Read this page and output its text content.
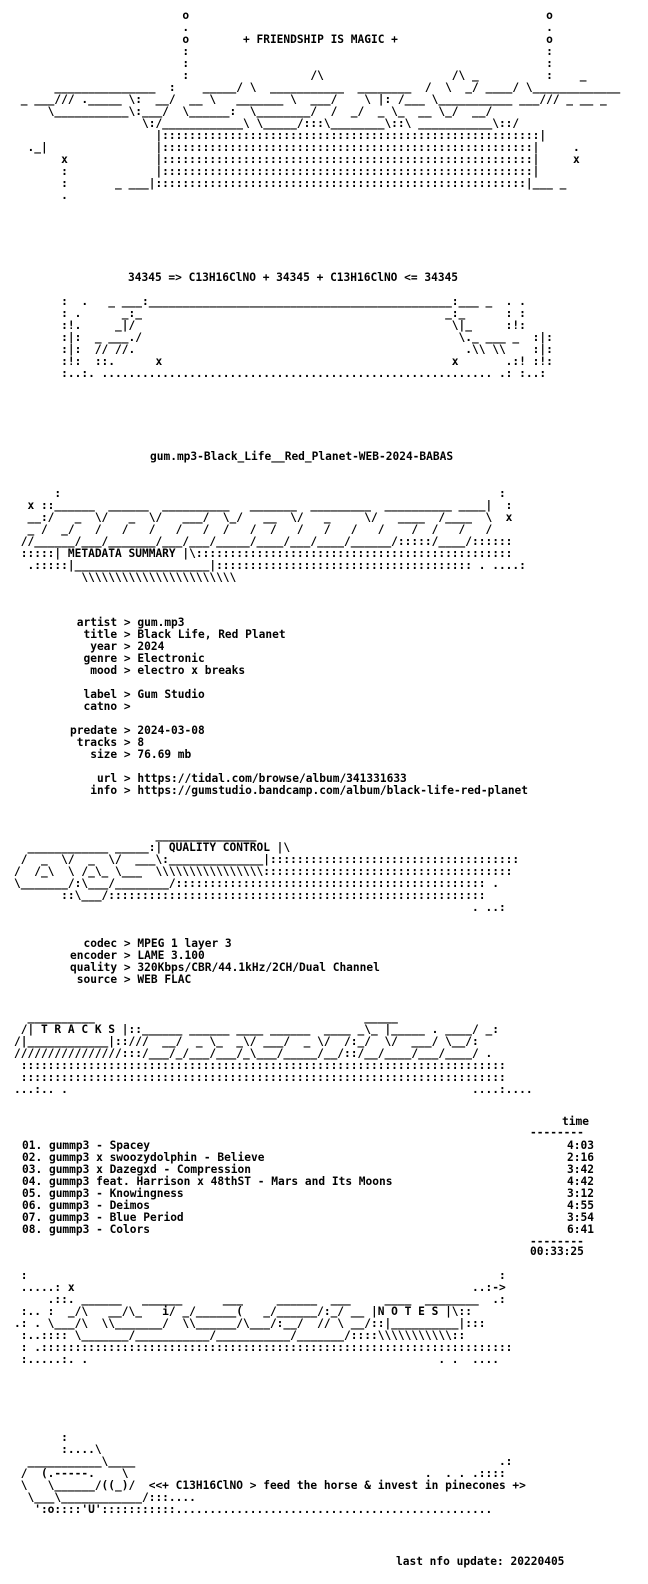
o                                                     o
.                                                     .
o        + FRIENDSHIP IS MAGIC +                      o
:                                                     :
:                                                     :
:                  /\                   /\ _          :    _
_______________  :    _____/ \  ___________  ________  /  \  _/ ____/ \_____________
_ ___/// ._____ \:  __/  __ \   _______ \  ___/    \ |: /___ \___________ ___/// _ __ _
\___________\:___/  \______:  \________/  /  _/  _ \_  __ \_/  __/
\:/____________\ \_____/:::\________\::\ ___________\::/
|::::::::::::::::::::::::::::::::::::::::::::::::::::::::|
._|                |:::::::::::::::::::::::::::::::::::::::::::::::::::::::|     .
x             |:::::::::::::::::::::::::::::::::::::::::::::::::::::::|     x
:             |:::::::::::::::::::::::::::::::::::::::::::::::::::::::|
:       _ ___|:::::::::::::::::::::::::::::::::::::::::::::::::::::::|___ _
.
34345 => C13H16ClNO + 34345 + C13H16ClNO <= 34345
:  .   _ ___:_____________________________________________:___ _  . .
: .      _:_                                             _:_      : :
:!.     _|/                                               \|_     :!:
:|:  _ ___./                                               \._ ___ _  :|:
:|:  // //.                                                 .\\ \\    :|:
:!:  ::.      x                                           x       .:! :!:
:..:. .......................................................... .: :..:
gum.mp3-Black_Life__Red_Planet-WEB-2024-BABAS
:                                                                 :
x ::______  ______  __________   _______  _________  __________ ____|  :
__:/   _  \/   _  \/   ___/  \_/   __  \/   _     \/   ____  /____  \  x
_ /  _/   /   /   /   /   /  /   /  /   /   /   /   /    /  /   /   /
//______/___/_______/___/___/_____/____/___/____/______/:::::/____/::::::
:::::| METADATA SUMMARY |\:::::::::::::::::::::::::::::::::::::::::::::::
.:::::|____________________|:::::::::::::::::::::::::::::::::::::: . ....:
\\\\\\\\\\\\\\\\\\\\\\\
artist > gum.mp3
title > Black Life, Red Planet
year > 2024
genre > Electronic
mood > electro x breaks

label > Gum Studio
catno >

predate > 2024-03-08
tracks > 8
size > 76.69 mb

url > https://tidal.com/browse/album/341331633
info > https://gumstudio.bandcamp.com/album/black-life-red-planet
_______________
____________ _____:| QUALITY CONTROL |\
/  _  \/  _  \/  ___\:______________|:::::::::::::::::::::::::::::::::::::
/  /_\  \ /_\_ \___  \\\\\\\\\\\\\\\\:::::::::::::::::::::::::::::::::::::
\_______/:\___/________/:::::::::::::::::::::::::::::::::::::::::::::: .
::\___/::::::::::::::::::::::::::::::::::::::::::::::::::::::::
. ..:
codec > MPEG 1 layer 3
encoder > LAME 3.100
quality > 320Kbps/CBR/44.1kHz/2CH/Dual Channel
source > WEB FLAC
__________                                        _____
/| T R A C K S |::______ ______ ____ ______  ____ _\_ |_____ . ____/ _:
/|____________|::///  __/  _ \_  _\/ ___/  _ \/  /:_/  \/  ___/ \__/:
////////////////:::/___/_/___/___/_\___/_____/__/::/__/____/___/____/ .
::::::::::::::::::::::::::::::::::::::::::::::::::::::::::::::::::::::::
::::::::::::::::::::::::::::::::::::::::::::::::::::::::::::::::::::::::
...:.. .                                                            ....:....
time
--------
01. gummp3 - Spacey	4:03
02. gummp3 x swoozydolphin - Believe	2:16
03. gummp3 x Dazegxd - Compression	3:42
04. gummp3 feat. Harrison x 48thST - Mars and Its Moons	4:42
05. gummp3 - Knowingness	3:12
06. gummp3 - Deimos	4:55
07. gummp3 - Blue Period	3:54
08. gummp3 - Colors	6:41
--------
00:33:25
:                                                                      :
.....: x                                                           ..:->
.::. ______   ______      ___     ______  ___     ____  ________  .:
:.. :  _/\   __/\_   i/ _/______(   _/______/:_/ __ |N O T E S |\::
.: . \___/\  \\_______/  \\______/\___/:__/  // \ __/::|__________|:::
:..:::: \_______/___________/___________/_______/::::\\\\\\\\\\\::
: .::::::::::::::::::::::::::::::::::::::::::::::::::::::::::::::::::::::
:.....:. .                                                    . .  ....
:
:....\
___________\____                                                      .:
/  (.-----.    \                                            .  . . .::::
\   \______/((_)/  <<+ C13H16ClNO > feed the horse & invest in pinecones +>
\___\____________/:::....
':o::::'U':::::::::::...............................................
last nfo update: 20220405
